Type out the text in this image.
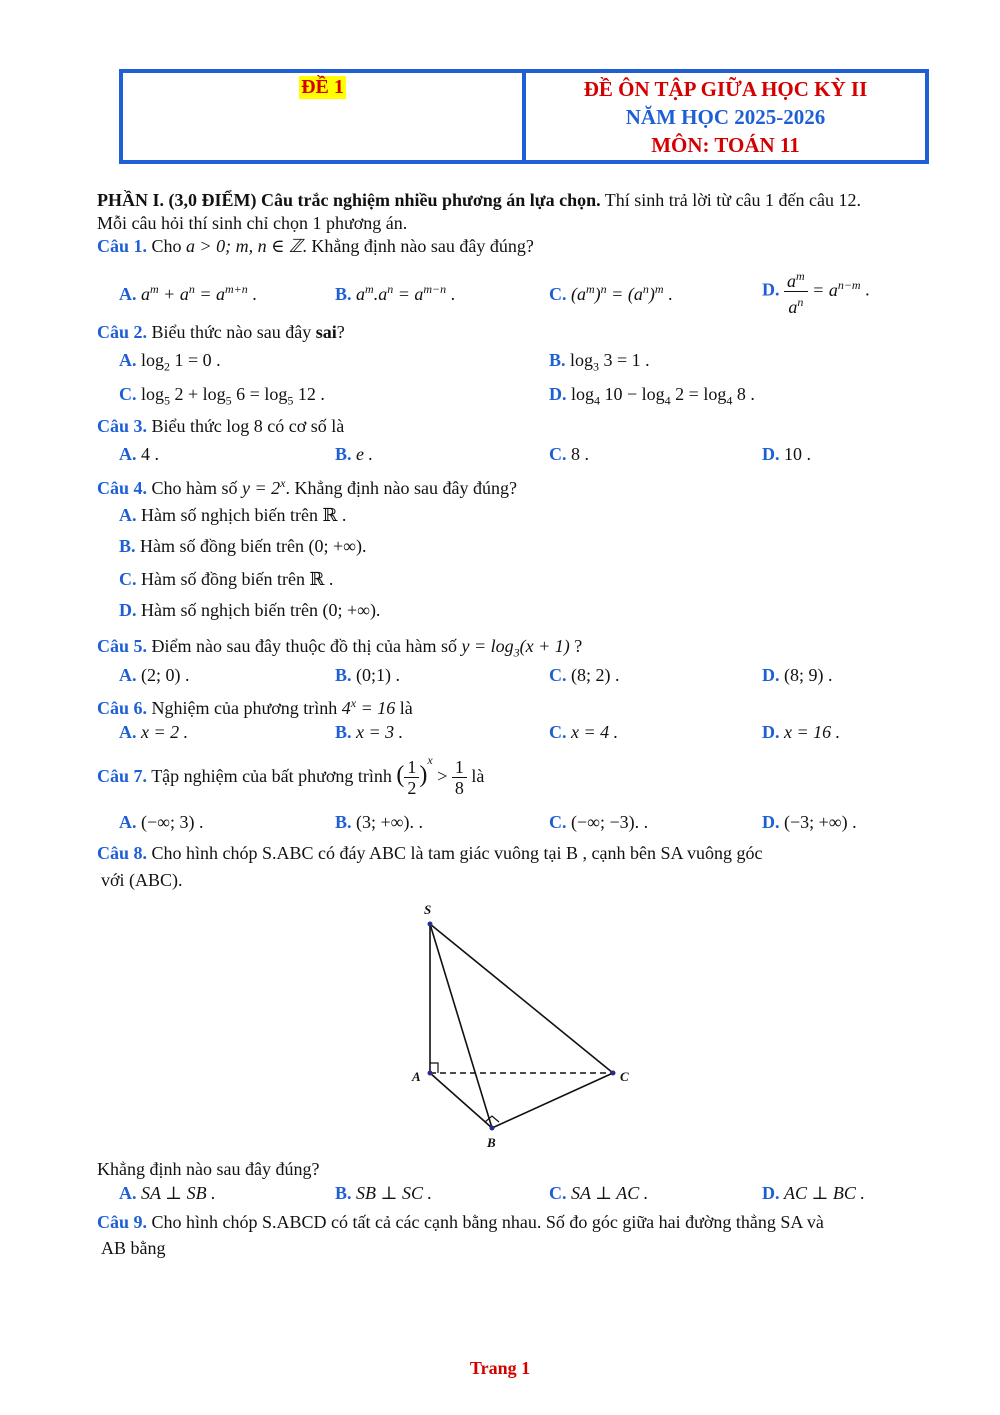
ĐỀ 1	ĐỀ ÔN TẬP GIỮA HỌC KỲ II
NĂM HỌC 2025-2026
MÔN: TOÁN 11
PHẦN I. (3,0 ĐIỂM) Câu trắc nghiệm nhiều phương án lựa chọn. Thí sinh trả lời từ câu 1 đến câu 12.
Mỗi câu hỏi thí sinh chỉ chọn 1 phương án.
Câu 1. Cho a > 0; m, n ∈ ℤ. Khẳng định nào sau đây đúng?
A. $a^m + a^n = a^{m+n}$ .	B. $a^m.a^n = a^{m-n}$ .	C. $(a^m)^n = (a^n)^m$ .	D. $\frac{a^m}{a^n} = a^{n-m}$ .
Câu 2. Biểu thức nào sau đây sai?
A. $\log_2 1 = 0$ .	B. $\log_3 3 = 1$ .
C. $\log_5 2 + \log_5 6 = \log_5 12$ .	D. $\log_4 10 - \log_4 2 = \log_4 8$ .
Câu 3. Biểu thức log 8 có cơ số là
A. 4 .	B. e .	C. 8 .	D. 10 .
Câu 4. Cho hàm số $y = 2^x$. Khẳng định nào sau đây đúng?
A. Hàm số nghịch biến trên ℝ .
B. Hàm số đồng biến trên (0; +∞).
C. Hàm số đồng biến trên ℝ .
D. Hàm số nghịch biến trên (0; +∞).
Câu 5. Điểm nào sau đây thuộc đồ thị của hàm số $y = \log_3(x + 1)$ ?
A. (2; 0) .	B. (0;1) .	C. (8; 2) .	D. (8; 9) .
Câu 6. Nghiệm của phương trình $4^x = 16$ là
A. x = 2 .	B. x = 3 .	C. x = 4 .	D. x = 16 .
Câu 7. Tập nghiệm của bất phương trình ( $\frac{1}{2} )^x > \frac{1}{8}$ là
A. (−∞; 3) .	B. (3; +∞). .	C. (−∞; −3). .	D. (−3; +∞) .
Câu 8. Cho hình chóp S.ABC có đáy ABC là tam giác vuông tại B , cạnh bên SA vuông góc
với (ABC).
S
A
B
C
Khẳng định nào sau đây đúng?
A. SA ⊥ SB .	B. SB ⊥ SC .	C. SA ⊥ AC .	D. AC ⊥ BC .
Câu 9. Cho hình chóp S.ABCD có tất cả các cạnh bằng nhau. Số đo góc giữa hai đường thẳng SA và
AB bằng
Trang 1
